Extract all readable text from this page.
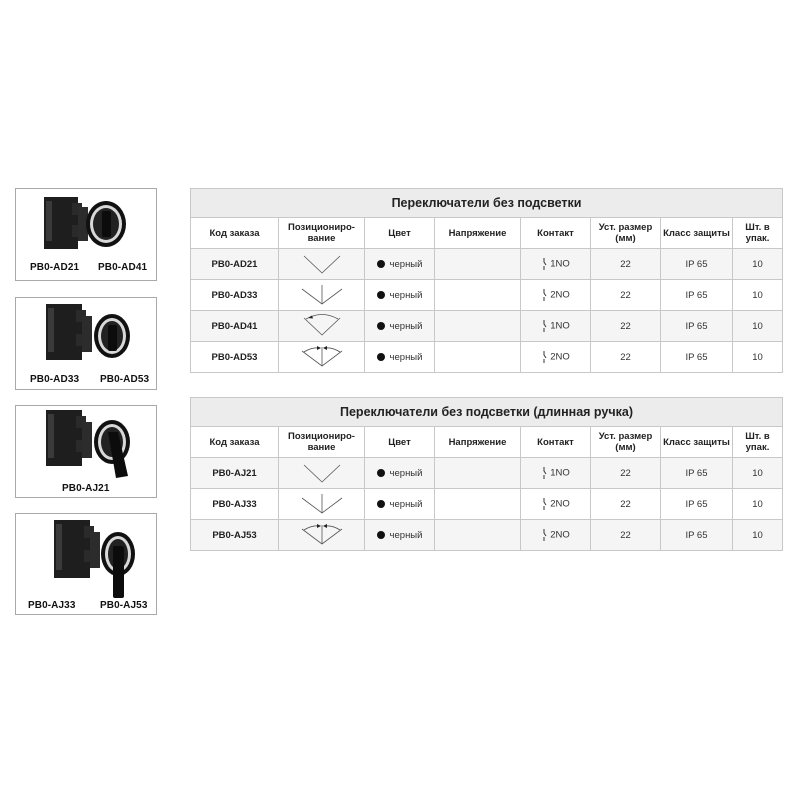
PB0-AD21 PB0-AD41
PB0-AD33 PB0-AD53
PB0-AJ21
PB0-AJ33 PB0-AJ53
Переключатели без подсветки							
Код заказа	Позициониро-
вание	Цвет	Напряжение	Контакт	Уст. размер
(мм)	Класс защиты	Шт. в упак.
PB0-AD21		черный		1NO	22	IP 65	10
PB0-AD33		черный		2NO	22	IP 65	10
PB0-AD41		черный		1NO	22	IP 65	10
PB0-AD53		черный		2NO	22	IP 65	10
Переключатели без подсветки (длинная ручка)							
Код заказа	Позициониро-
вание	Цвет	Напряжение	Контакт	Уст. размер
(мм)	Класс защиты	Шт. в упак.
PB0-AJ21		черный		1NO	22	IP 65	10
PB0-AJ33		черный		2NO	22	IP 65	10
PB0-AJ53		черный		2NO	22	IP 65	10
